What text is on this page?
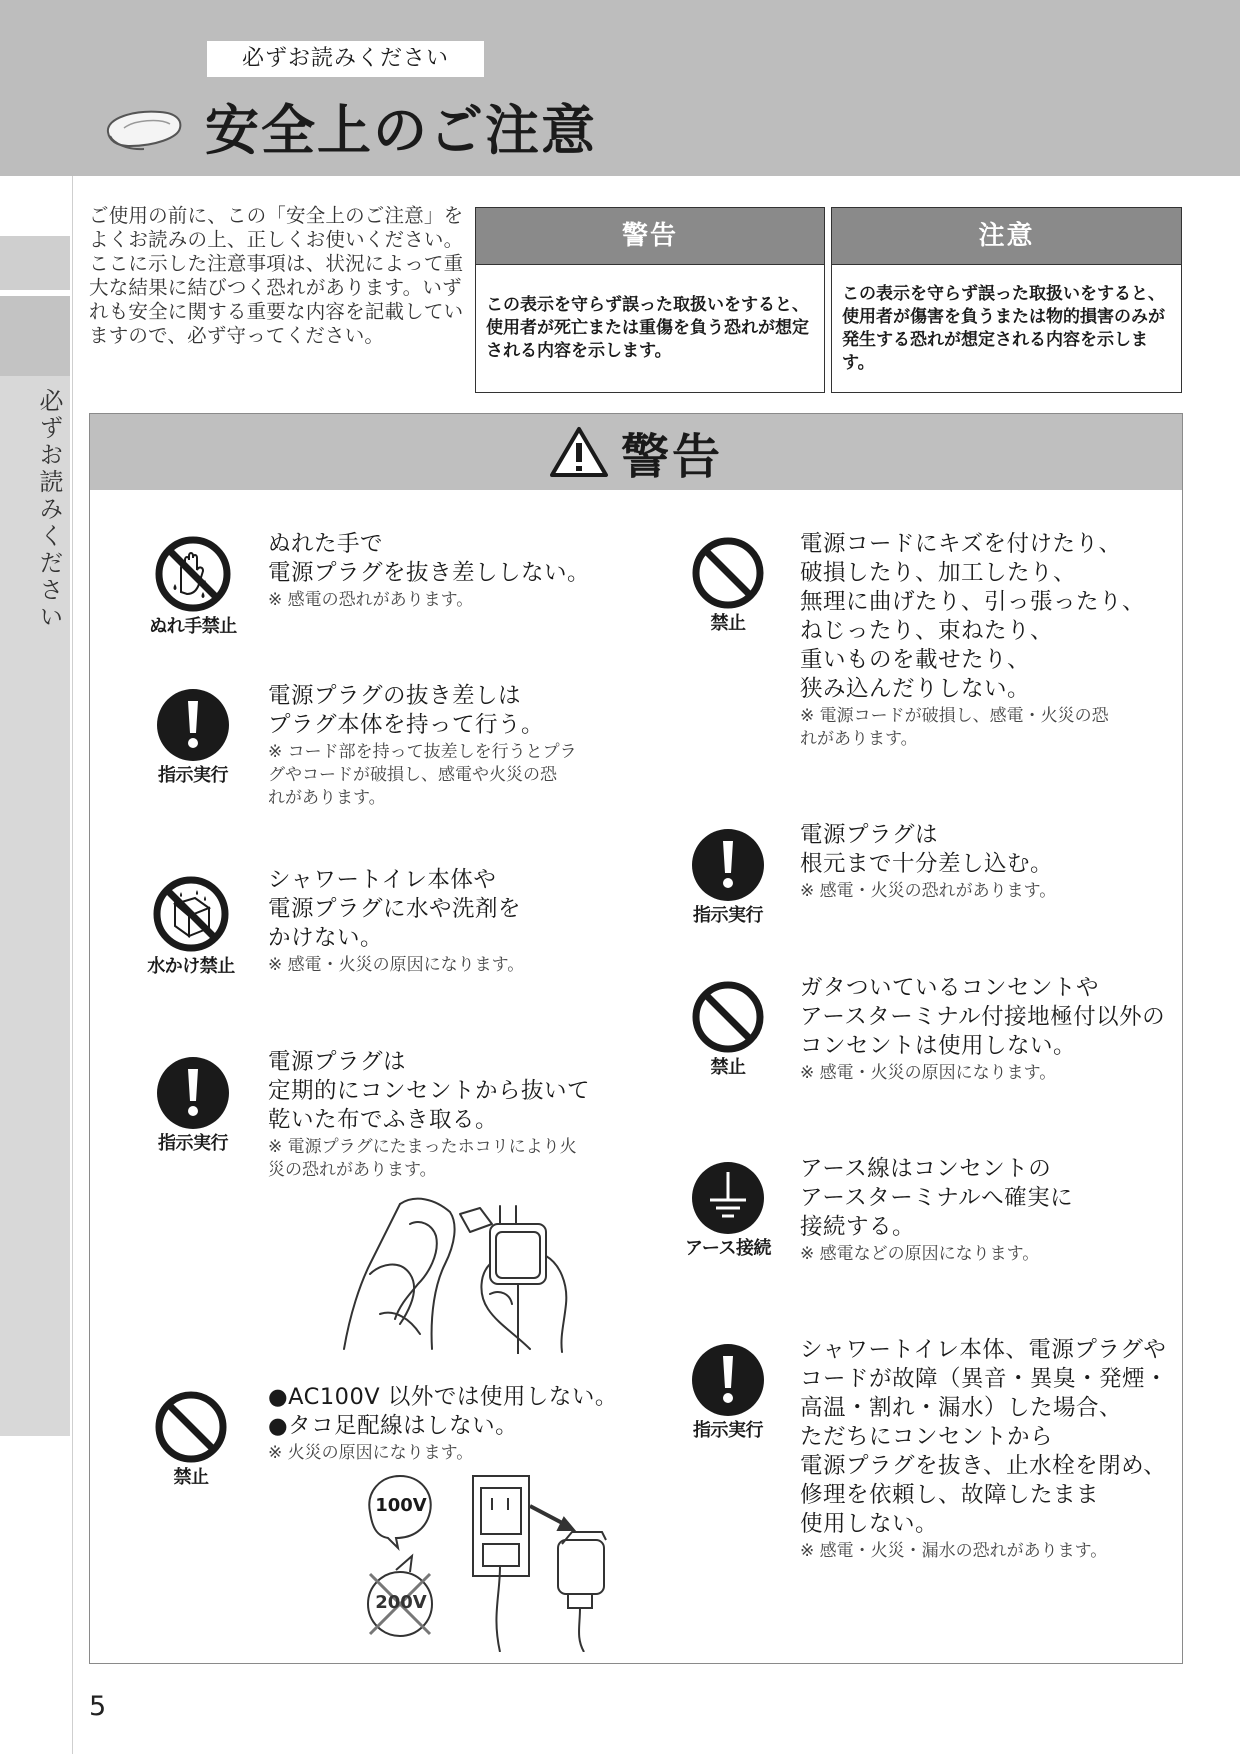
必ずお読みください
安全上のご注意
必ずお読みください

ご使用の前に、この「安全上のご注意」をよくお読みの上、正しくお使いください。

ここに示した注意事項は、状況によって重大な結果に結びつく恐れがあります。いずれも安全に関する重要な内容を記載していますので、必ず守ってください。

警告
この表示を守らず誤った取扱いをすると、使用者が死亡または重傷を負う恐れが想定される内容を示します。
注意
この表示を守らず誤った取扱いをすると、使用者が傷害を負うまたは物的損害のみが発生する恐れが想定される内容を示します。
警告
ぬれ手禁止
ぬれた手で
電源プラグを抜き差ししない。
※ 感電の恐れがあります。
指示実行
電源プラグの抜き差しは
プラグ本体を持って行う。
※ コード部を持って抜差しを行うとプラ
グやコードが破損し、感電や火災の恐
れがあります。
水かけ禁止
シャワートイレ本体や
電源プラグに水や洗剤を
かけない。
※ 感電・火災の原因になります。
指示実行
電源プラグは
定期的にコンセントから抜いて
乾いた布でふき取る。
※ 電源プラグにたまったホコリにより火
災の恐れがあります。
禁止
●AC100V 以外では使用しない。
●タコ足配線はしない。
※ 火災の原因になります。
100V
200V
禁止
電源コードにキズを付けたり、
破損したり、加工したり、
無理に曲げたり、引っ張ったり、
ねじったり、束ねたり、
重いものを載せたり、
狭み込んだりしない。
※ 電源コードが破損し、感電・火災の恐
れがあります。
指示実行
電源プラグは
根元まで十分差し込む。
※ 感電・火災の恐れがあります。
禁止
ガタついているコンセントや
アースターミナル付接地極付以外の
コンセントは使用しない。
※ 感電・火災の原因になります。
アース接続
アース線はコンセントの
アースターミナルへ確実に
接続する。
※ 感電などの原因になります。
指示実行
シャワートイレ本体、電源プラグや
コードが故障（異音・異臭・発煙・
高温・割れ・漏水）した場合、
ただちにコンセントから
電源プラグを抜き、止水栓を閉め、
修理を依頼し、故障したまま
使用しない。
※ 感電・火災・漏水の恐れがあります。
5
